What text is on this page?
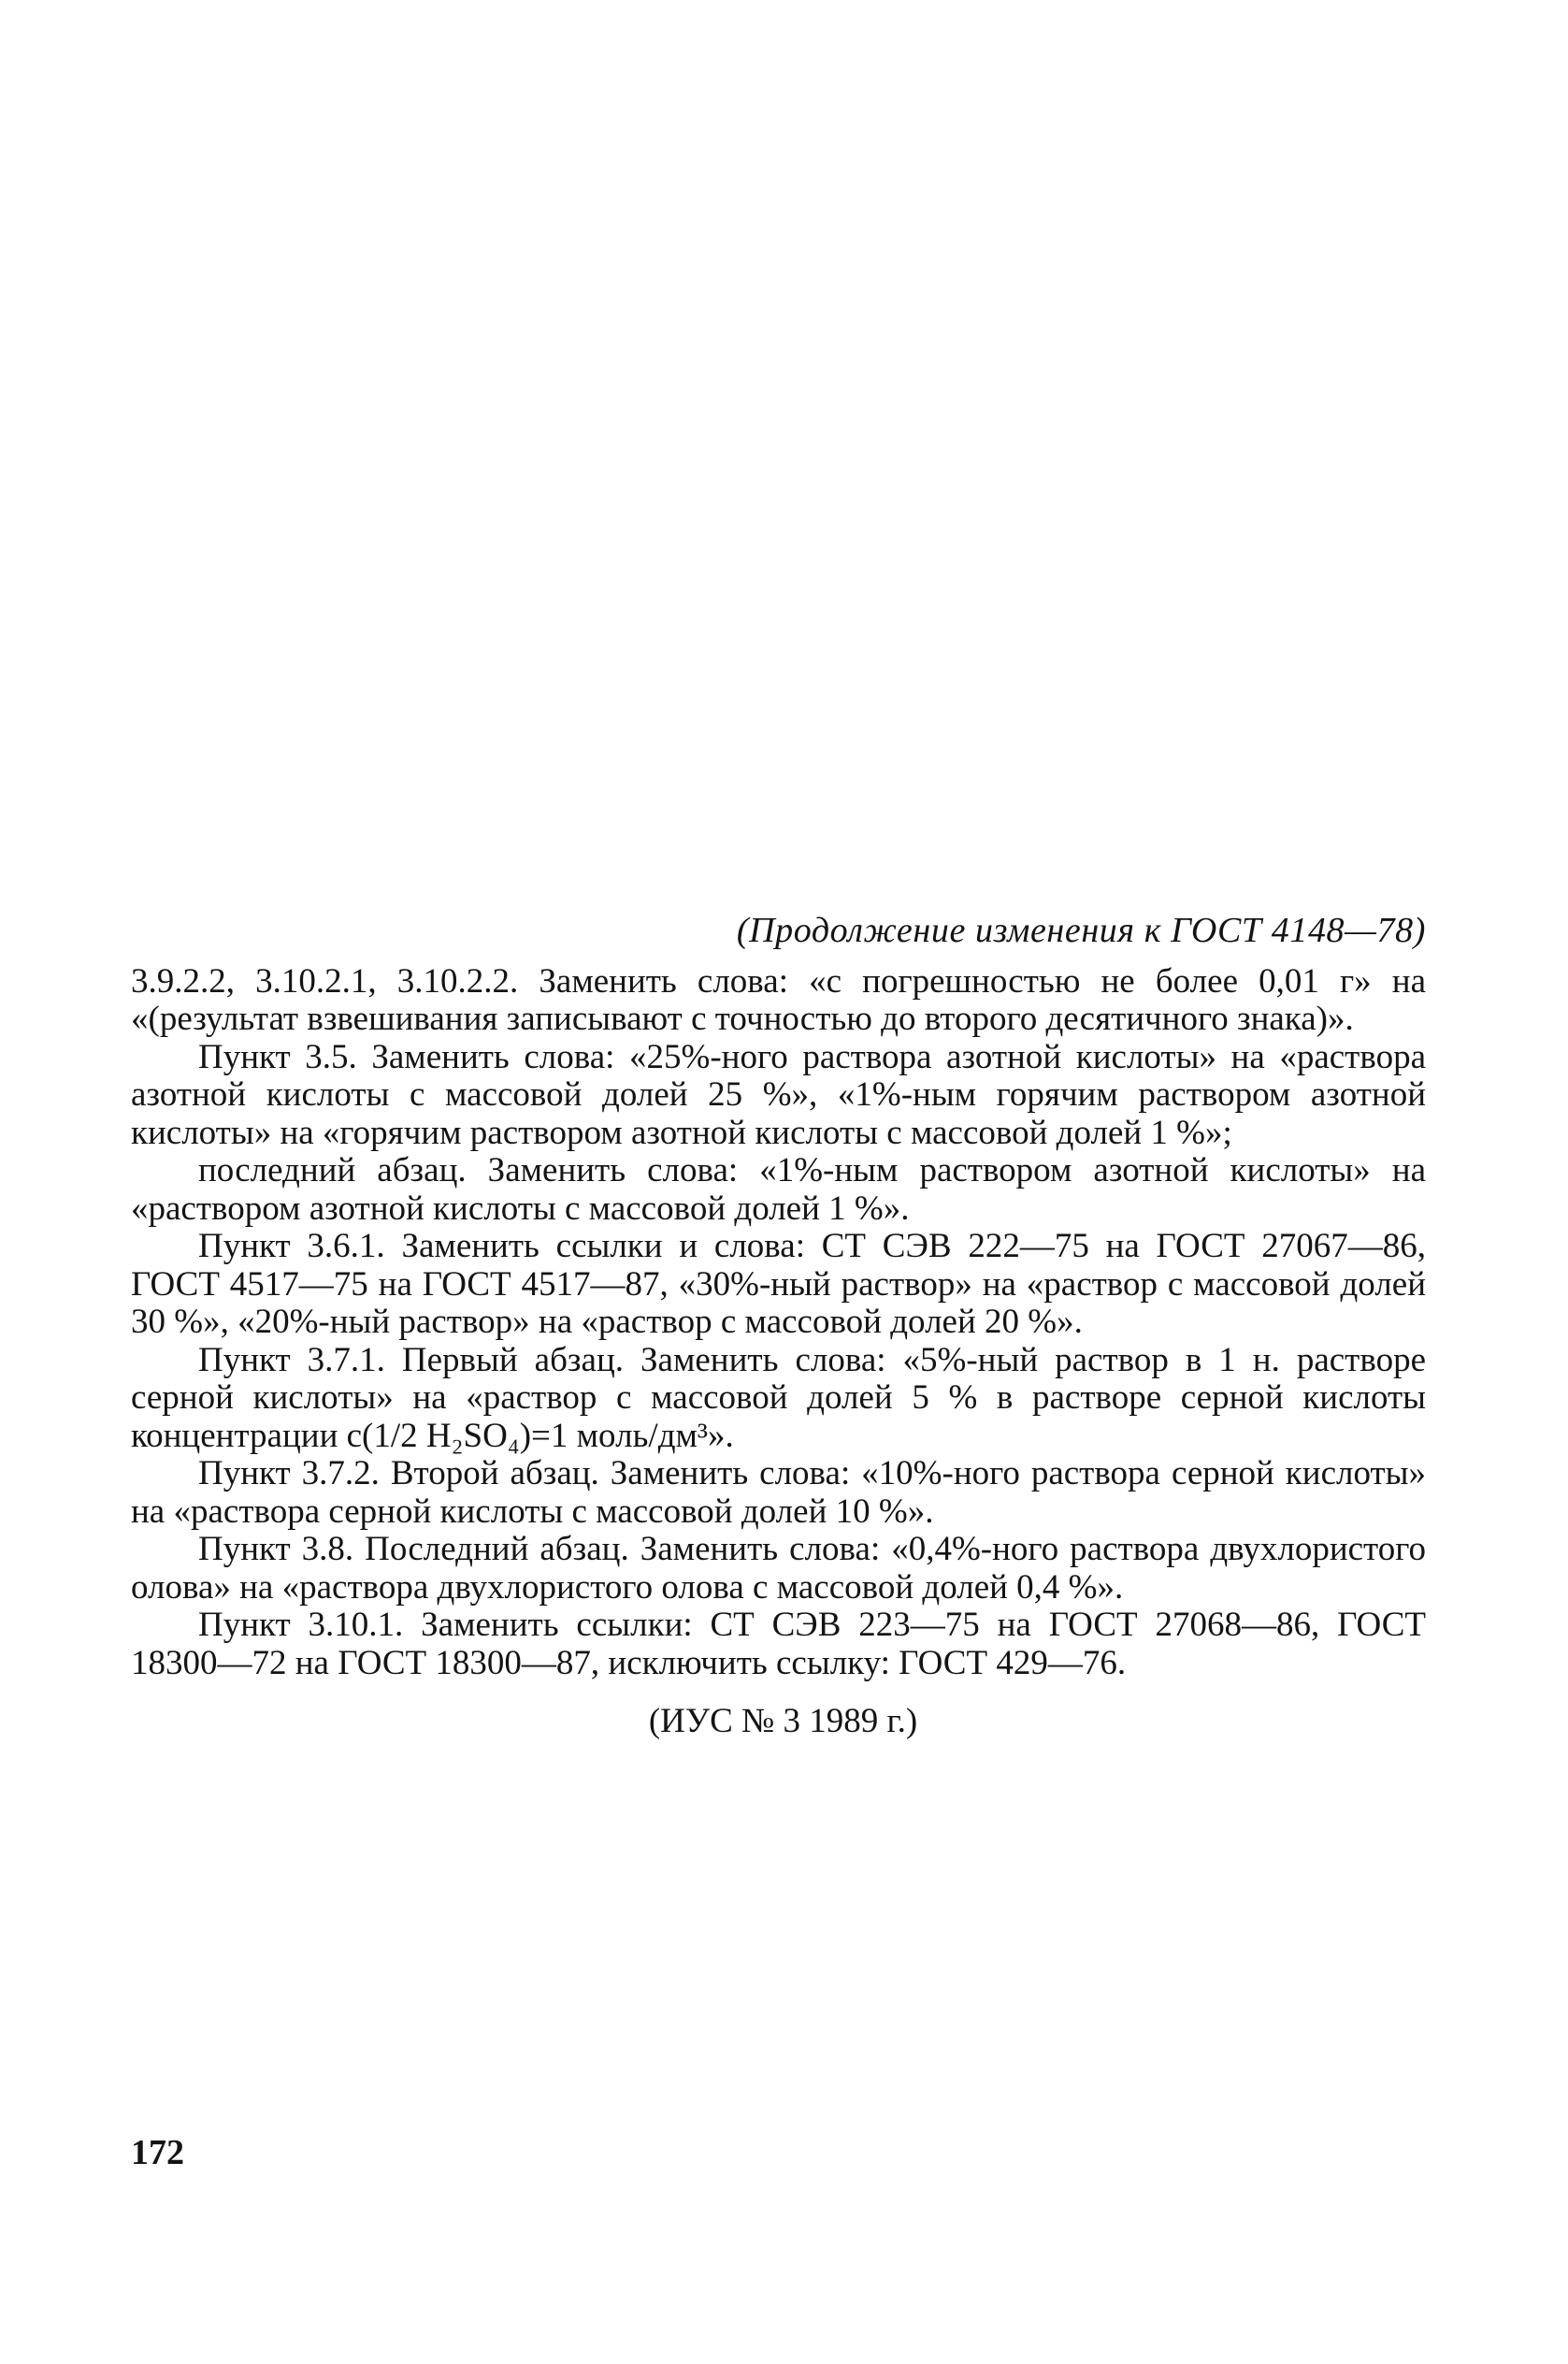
(Продолжение изменения к ГОСТ 4148—78)

3.9.2.2, 3.10.2.1, 3.10.2.2. Заменить слова: «с погрешностью не более 0,01 г» на «(результат взвешивания записывают с точностью до второго десятичного знака)».

Пункт 3.5. Заменить слова: «25%-ного раствора азотной кислоты» на «раствора азотной кислоты с массовой долей 25 %», «1%-ным горячим раствором азотной кислоты» на «горячим раствором азотной кислоты с массовой долей 1 %»;

последний абзац. Заменить слова: «1%-ным раствором азотной кислоты» на «раствором азотной кислоты с массовой долей 1 %».

Пункт 3.6.1. Заменить ссылки и слова: СТ СЭВ 222—75 на ГОСТ 27067—86, ГОСТ 4517—75 на ГОСТ 4517—87, «30%-ный раствор» на «раствор с массовой долей 30 %», «20%-ный раствор» на «раствор с массовой долей 20 %».

Пункт 3.7.1. Первый абзац. Заменить слова: «5%-ный раствор в 1 н. растворе серной кислоты» на «раствор с массовой долей 5 % в растворе серной кислоты концентрации c(1/2 H₂SO₄)=1 моль/дм³».

Пункт 3.7.2. Второй абзац. Заменить слова: «10%-ного раствора серной кислоты» на «раствора серной кислоты с массовой долей 10 %».

Пункт 3.8. Последний абзац. Заменить слова: «0,4%-ного раствора двухлористого олова» на «раствора двухлористого олова с массовой долей 0,4 %».

Пункт 3.10.1. Заменить ссылки: СТ СЭВ 223—75 на ГОСТ 27068—86, ГОСТ 18300—72 на ГОСТ 18300—87, исключить ссылку: ГОСТ 429—76.

(ИУС № 3 1989 г.)

172
